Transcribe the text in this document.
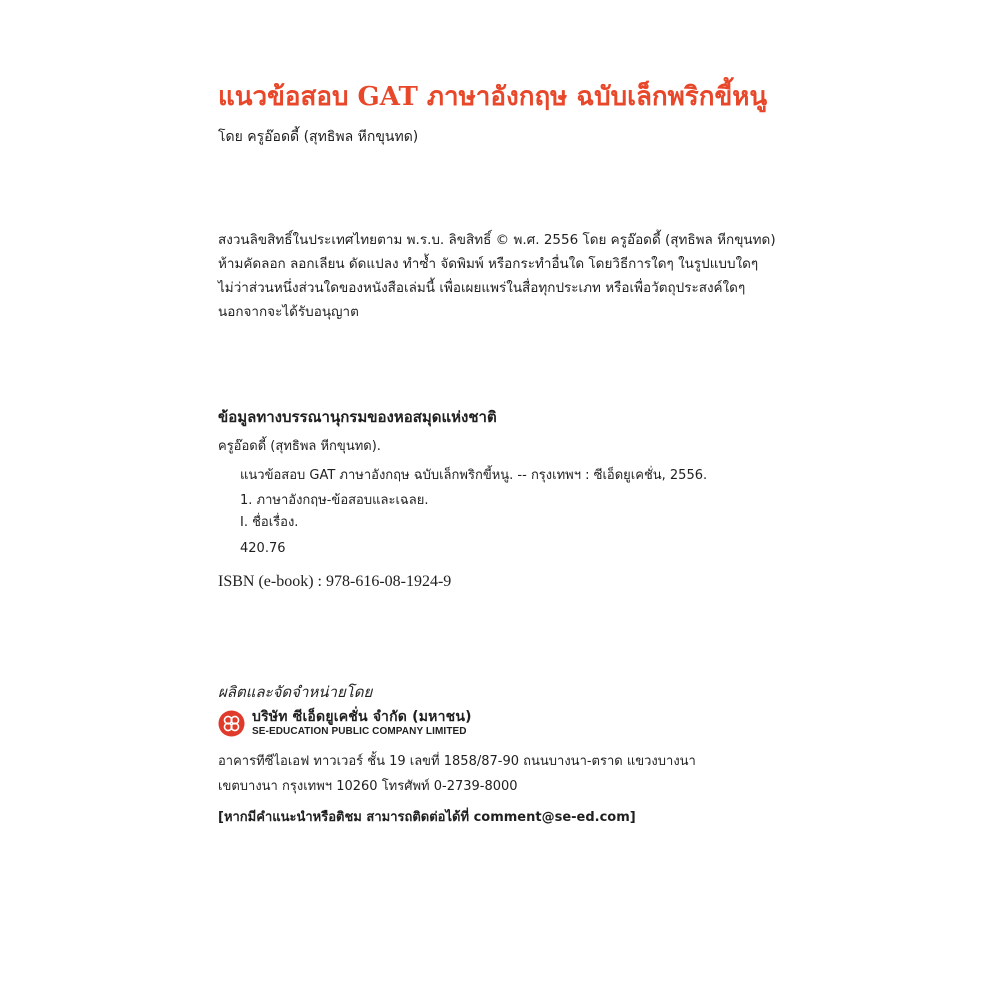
แนวข้อสอบ GAT ภาษาอังกฤษ ฉบับเล็กพริกขี้หนู
โดย ครูอ๊อดดี้ (สุทธิพล หีกขุนทด)
สงวนลิขสิทธิ์ในประเทศไทยตาม พ.ร.บ. ลิขสิทธิ์ © พ.ศ. 2556 โดย ครูอ๊อดดี้ (สุทธิพล หีกขุนทด)
ห้ามคัดลอก ลอกเลียน ดัดแปลง ทำซ้ำ จัดพิมพ์ หรือกระทำอื่นใด โดยวิธีการใดๆ ในรูปแบบใดๆ
ไม่ว่าส่วนหนึ่งส่วนใดของหนังสือเล่มนี้ เพื่อเผยแพร่ในสื่อทุกประเภท หรือเพื่อวัตถุประสงค์ใดๆ
นอกจากจะได้รับอนุญาต
ข้อมูลทางบรรณานุกรมของหอสมุดแห่งชาติ
ครูอ๊อดดี้ (สุทธิพล หีกขุนทด).
แนวข้อสอบ GAT ภาษาอังกฤษ ฉบับเล็กพริกขี้หนู. -- กรุงเทพฯ : ซีเอ็ดยูเคชั่น, 2556.
1. ภาษาอังกฤษ-ข้อสอบและเฉลย.
I. ชื่อเรื่อง.
420.76
ISBN (e-book) : 978-616-08-1924-9
ผลิตและจัดจำหน่ายโดย
บริษัท ซีเอ็ดยูเคชั่น จำกัด (มหาชน)
SE-EDUCATION PUBLIC COMPANY LIMITED
อาคารทีซีไอเอฟ ทาวเวอร์ ชั้น 19 เลขที่ 1858/87-90 ถนนบางนา-ตราด แขวงบางนา
เขตบางนา กรุงเทพฯ 10260 โทรศัพท์ 0-2739-8000
[หากมีคำแนะนำหรือติชม สามารถติดต่อได้ที่ comment@se-ed.com]
